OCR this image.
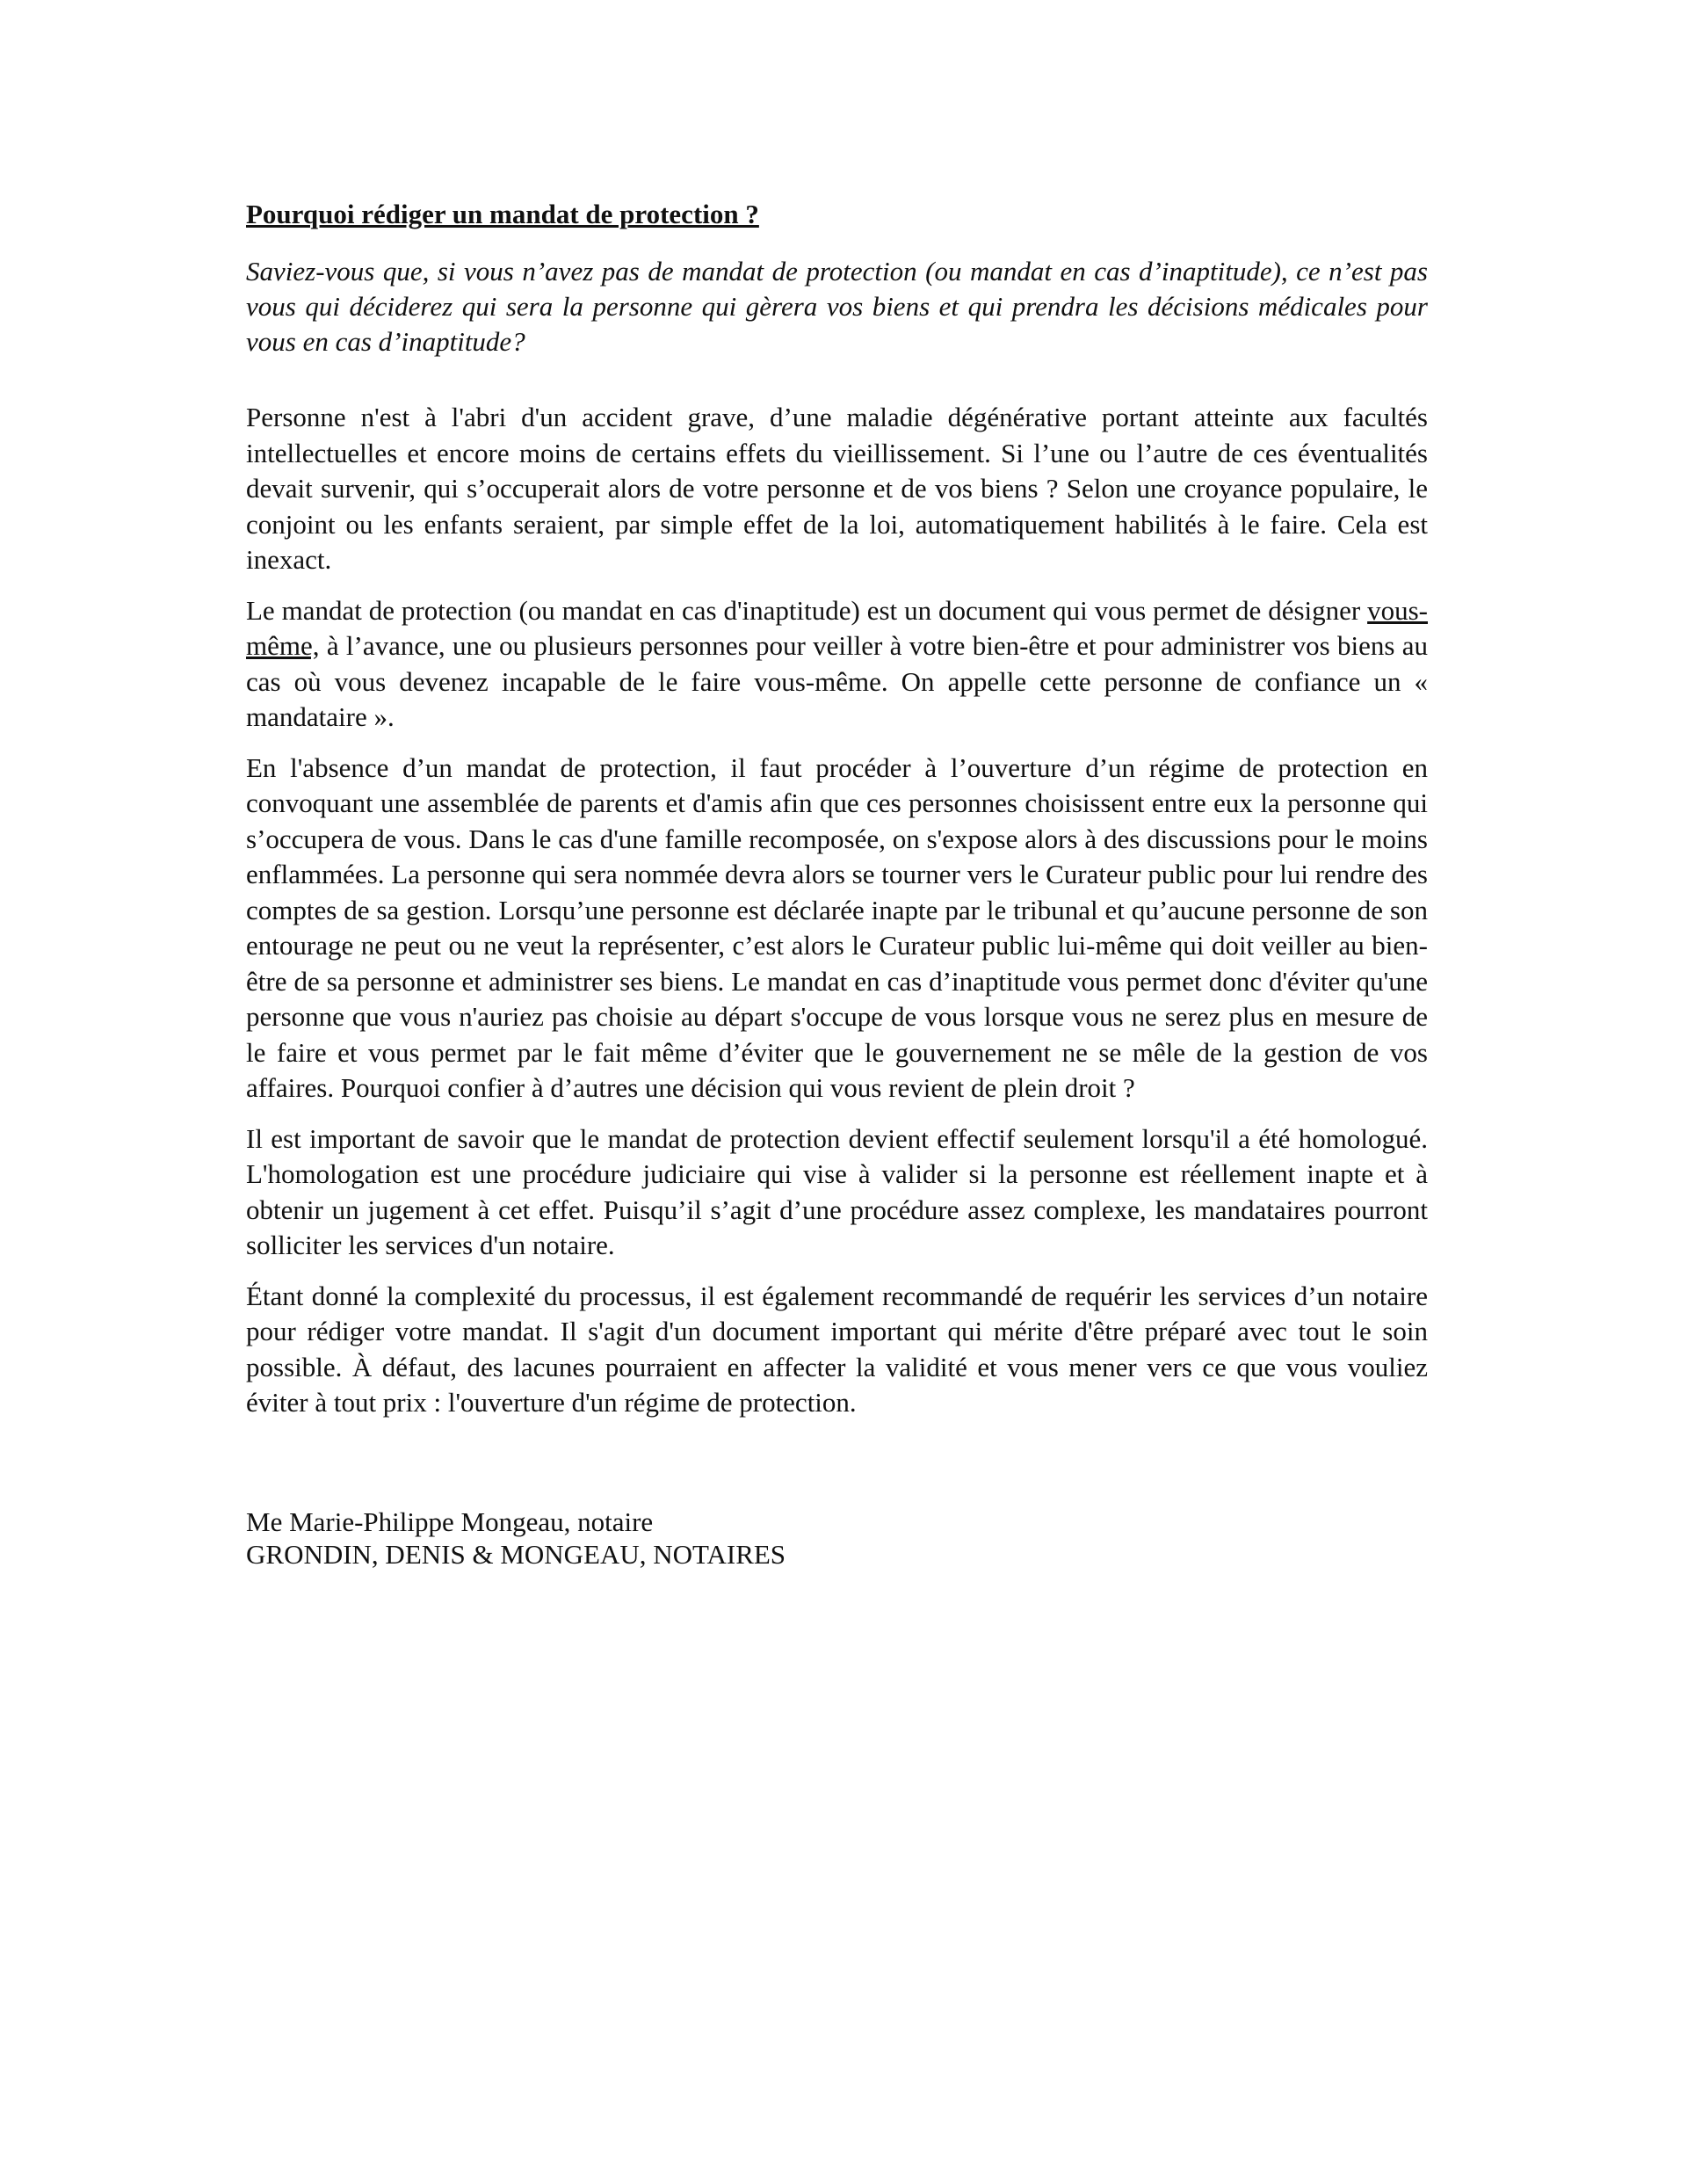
Pourquoi rédiger un mandat de protection ?

Saviez-vous que, si vous n’avez pas de mandat de protection (ou mandat en cas d’inaptitude), ce n’est pas vous qui déciderez qui sera la personne qui gèrera vos biens et qui prendra les décisions médicales pour vous en cas d’inaptitude?

Personne n'est à l'abri d'un accident grave, d’une maladie dégénérative portant atteinte aux facultés intellectuelles et encore moins de certains effets du vieillissement. Si l’une ou l’autre de ces éventualités devait survenir, qui s’occuperait alors de votre personne et de vos biens ? Selon une croyance populaire, le conjoint ou les enfants seraient, par simple effet de la loi, automatiquement habilités à le faire. Cela est inexact.

Le mandat de protection (ou mandat en cas d'inaptitude) est un document qui vous permet de désigner vous-même, à l’avance, une ou plusieurs personnes pour veiller à votre bien-être et pour administrer vos biens au cas où vous devenez incapable de le faire vous-même. On appelle cette personne de confiance un « mandataire ».

En l'absence d’un mandat de protection, il faut procéder à l’ouverture d’un régime de protection en convoquant une assemblée de parents et d'amis afin que ces personnes choisissent entre eux la personne qui s’occupera de vous. Dans le cas d'une famille recomposée, on s'expose alors à des discussions pour le moins enflammées. La personne qui sera nommée devra alors se tourner vers le Curateur public pour lui rendre des comptes de sa gestion. Lorsqu’une personne est déclarée inapte par le tribunal et qu’aucune personne de son entourage ne peut ou ne veut la représenter, c’est alors le Curateur public lui-même qui doit veiller au bien-être de sa personne et administrer ses biens. Le mandat en cas d’inaptitude vous permet donc d'éviter qu'une personne que vous n'auriez pas choisie au départ s'occupe de vous lorsque vous ne serez plus en mesure de le faire et vous permet par le fait même d’éviter que le gouvernement ne se mêle de la gestion de vos affaires. Pourquoi confier à d’autres une décision qui vous revient de plein droit ?

Il est important de savoir que le mandat de protection devient effectif seulement lorsqu'il a été homologué. L'homologation est une procédure judiciaire qui vise à valider si la personne est réellement inapte et à obtenir un jugement à cet effet. Puisqu’il s’agit d’une procédure assez complexe, les mandataires pourront solliciter les services d'un notaire.

Étant donné la complexité du processus, il est également recommandé de requérir les services d’un notaire pour rédiger votre mandat. Il s'agit d'un document important qui mérite d'être préparé avec tout le soin possible. À défaut, des lacunes pourraient en affecter la validité et vous mener vers ce que vous vouliez éviter à tout prix : l'ouverture d'un régime de protection.

Me Marie-Philippe Mongeau, notaire
GRONDIN, DENIS & MONGEAU, NOTAIRES
